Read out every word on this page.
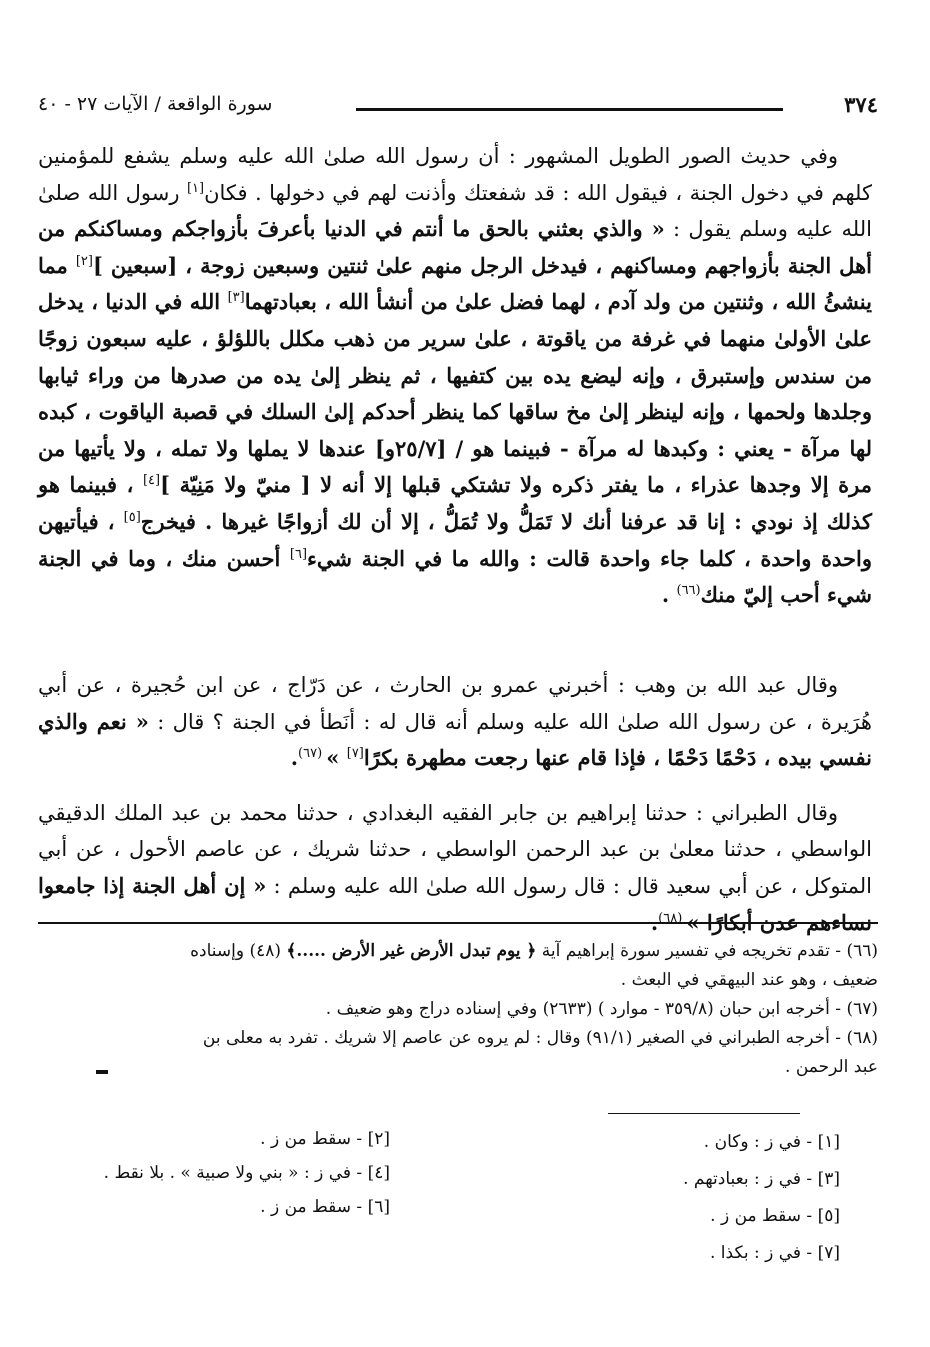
٣٧٤
سورة الواقعة / الآيات ٢٧ - ٤٠

وفي حديث الصور الطويل المشهور : أن رسول الله صلىٰ الله عليه وسلم يشفع للمؤمنين كلهم في دخول الجنة ، فيقول الله : قد شفعتك وأذنت لهم في دخولها . فكان[١] رسول الله صلىٰ الله عليه وسلم يقول : « والذي بعثني بالحق ما أنتم في الدنيا بأعرفَ بأزواجكم ومساكنكم من أهل الجنة بأزواجهم ومساكنهم ، فيدخل الرجل منهم علىٰ ثنتين وسبعين زوجة ، [سبعين ][٢] مما ينشئُ الله ، وثنتين من ولد آدم ، لهما فضل علىٰ من أنشأ الله ، بعبادتهما[٣] الله في الدنيا ، يدخل علىٰ الأولىٰ منهما في غرفة من ياقوتة ، علىٰ سرير من ذهب مكلل باللؤلؤ ، عليه سبعون زوجًا من سندس وإستبرق ، وإنه ليضع يده بين كتفيها ، ثم ينظر إلىٰ يده من صدرها من وراء ثيابها وجلدها ولحمها ، وإنه لينظر إلىٰ مخ ساقها كما ينظر أحدكم إلىٰ السلك في قصبة الياقوت ، كبده لها مرآة - يعني : وكبدها له مرآة - فبينما هو / [٢٥/٧و] عندها لا يملها ولا تمله ، ولا يأتيها من مرة إلا وجدها عذراء ، ما يفتر ذكره ولا تشتكي قبلها إلا أنه لا [ منيّ ولا مَنِيّة ][٤] ، فبينما هو كذلك إذ نودي : إنا قد عرفنا أنك لا تَمَلُّ ولا تُمَلُّ ، إلا أن لك أزواجًا غيرها . فيخرج[٥] ، فيأتيهن واحدة واحدة ، كلما جاء واحدة قالت : والله ما في الجنة شيء[٦] أحسن منك ، وما في الجنة شيء أحب إليّ منك$^{(٦٦)}$ .

وقال عبد الله بن وهب : أخبرني عمرو بن الحارث ، عن دَرّاج ، عن ابن حُجيرة ، عن أبي هُرَيرة ، عن رسول الله صلىٰ الله عليه وسلم أنه قال له : أنَطأ في الجنة ؟ قال : « نعم والذي نفسي بيده ، دَحْمًا دَحْمًا ، فإذا قام عنها رجعت مطهرة بكرًا[٧] » $^{(٦٧)}$.

وقال الطبراني : حدثنا إبراهيم بن جابر الفقيه البغدادي ، حدثنا محمد بن عبد الملك الدقيقي الواسطي ، حدثنا معلىٰ بن عبد الرحمن الواسطي ، حدثنا شريك ، عن عاصم الأحول ، عن أبي المتوكل ، عن أبي سعيد قال : قال رسول الله صلىٰ الله عليه وسلم : « إن أهل الجنة إذا جامعوا نساءهم عدن أبكارًا » $^{(٦٨)}$.

(٦٦) - تقدم تخريجه في تفسير سورة إبراهيم آية ﴿ يوم تبدل الأرض غير الأرض .....﴾ (٤٨) وإسناده

ضعيف ، وهو عند البيهقي في البعث .

(٦٧) - أخرجه ابن حبان (٣٥٩/٨ - موارد ) (٢٦٣٣) وفي إسناده دراج وهو ضعيف .

(٦٨) - أخرجه الطبراني في الصغير (٩١/١) وقال : لم يروه عن عاصم إلا شريك . تفرد به معلى بن

عبد الرحمن .

[١] - في ز : وكان .

[٣] - في ز : بعبادتهم .

[٥] - سقط من ز .

[٧] - في ز : بكذا .

[٢] - سقط من ز .

[٤] - في ز : « بني ولا صبية » . بلا نقط .

[٦] - سقط من ز .
